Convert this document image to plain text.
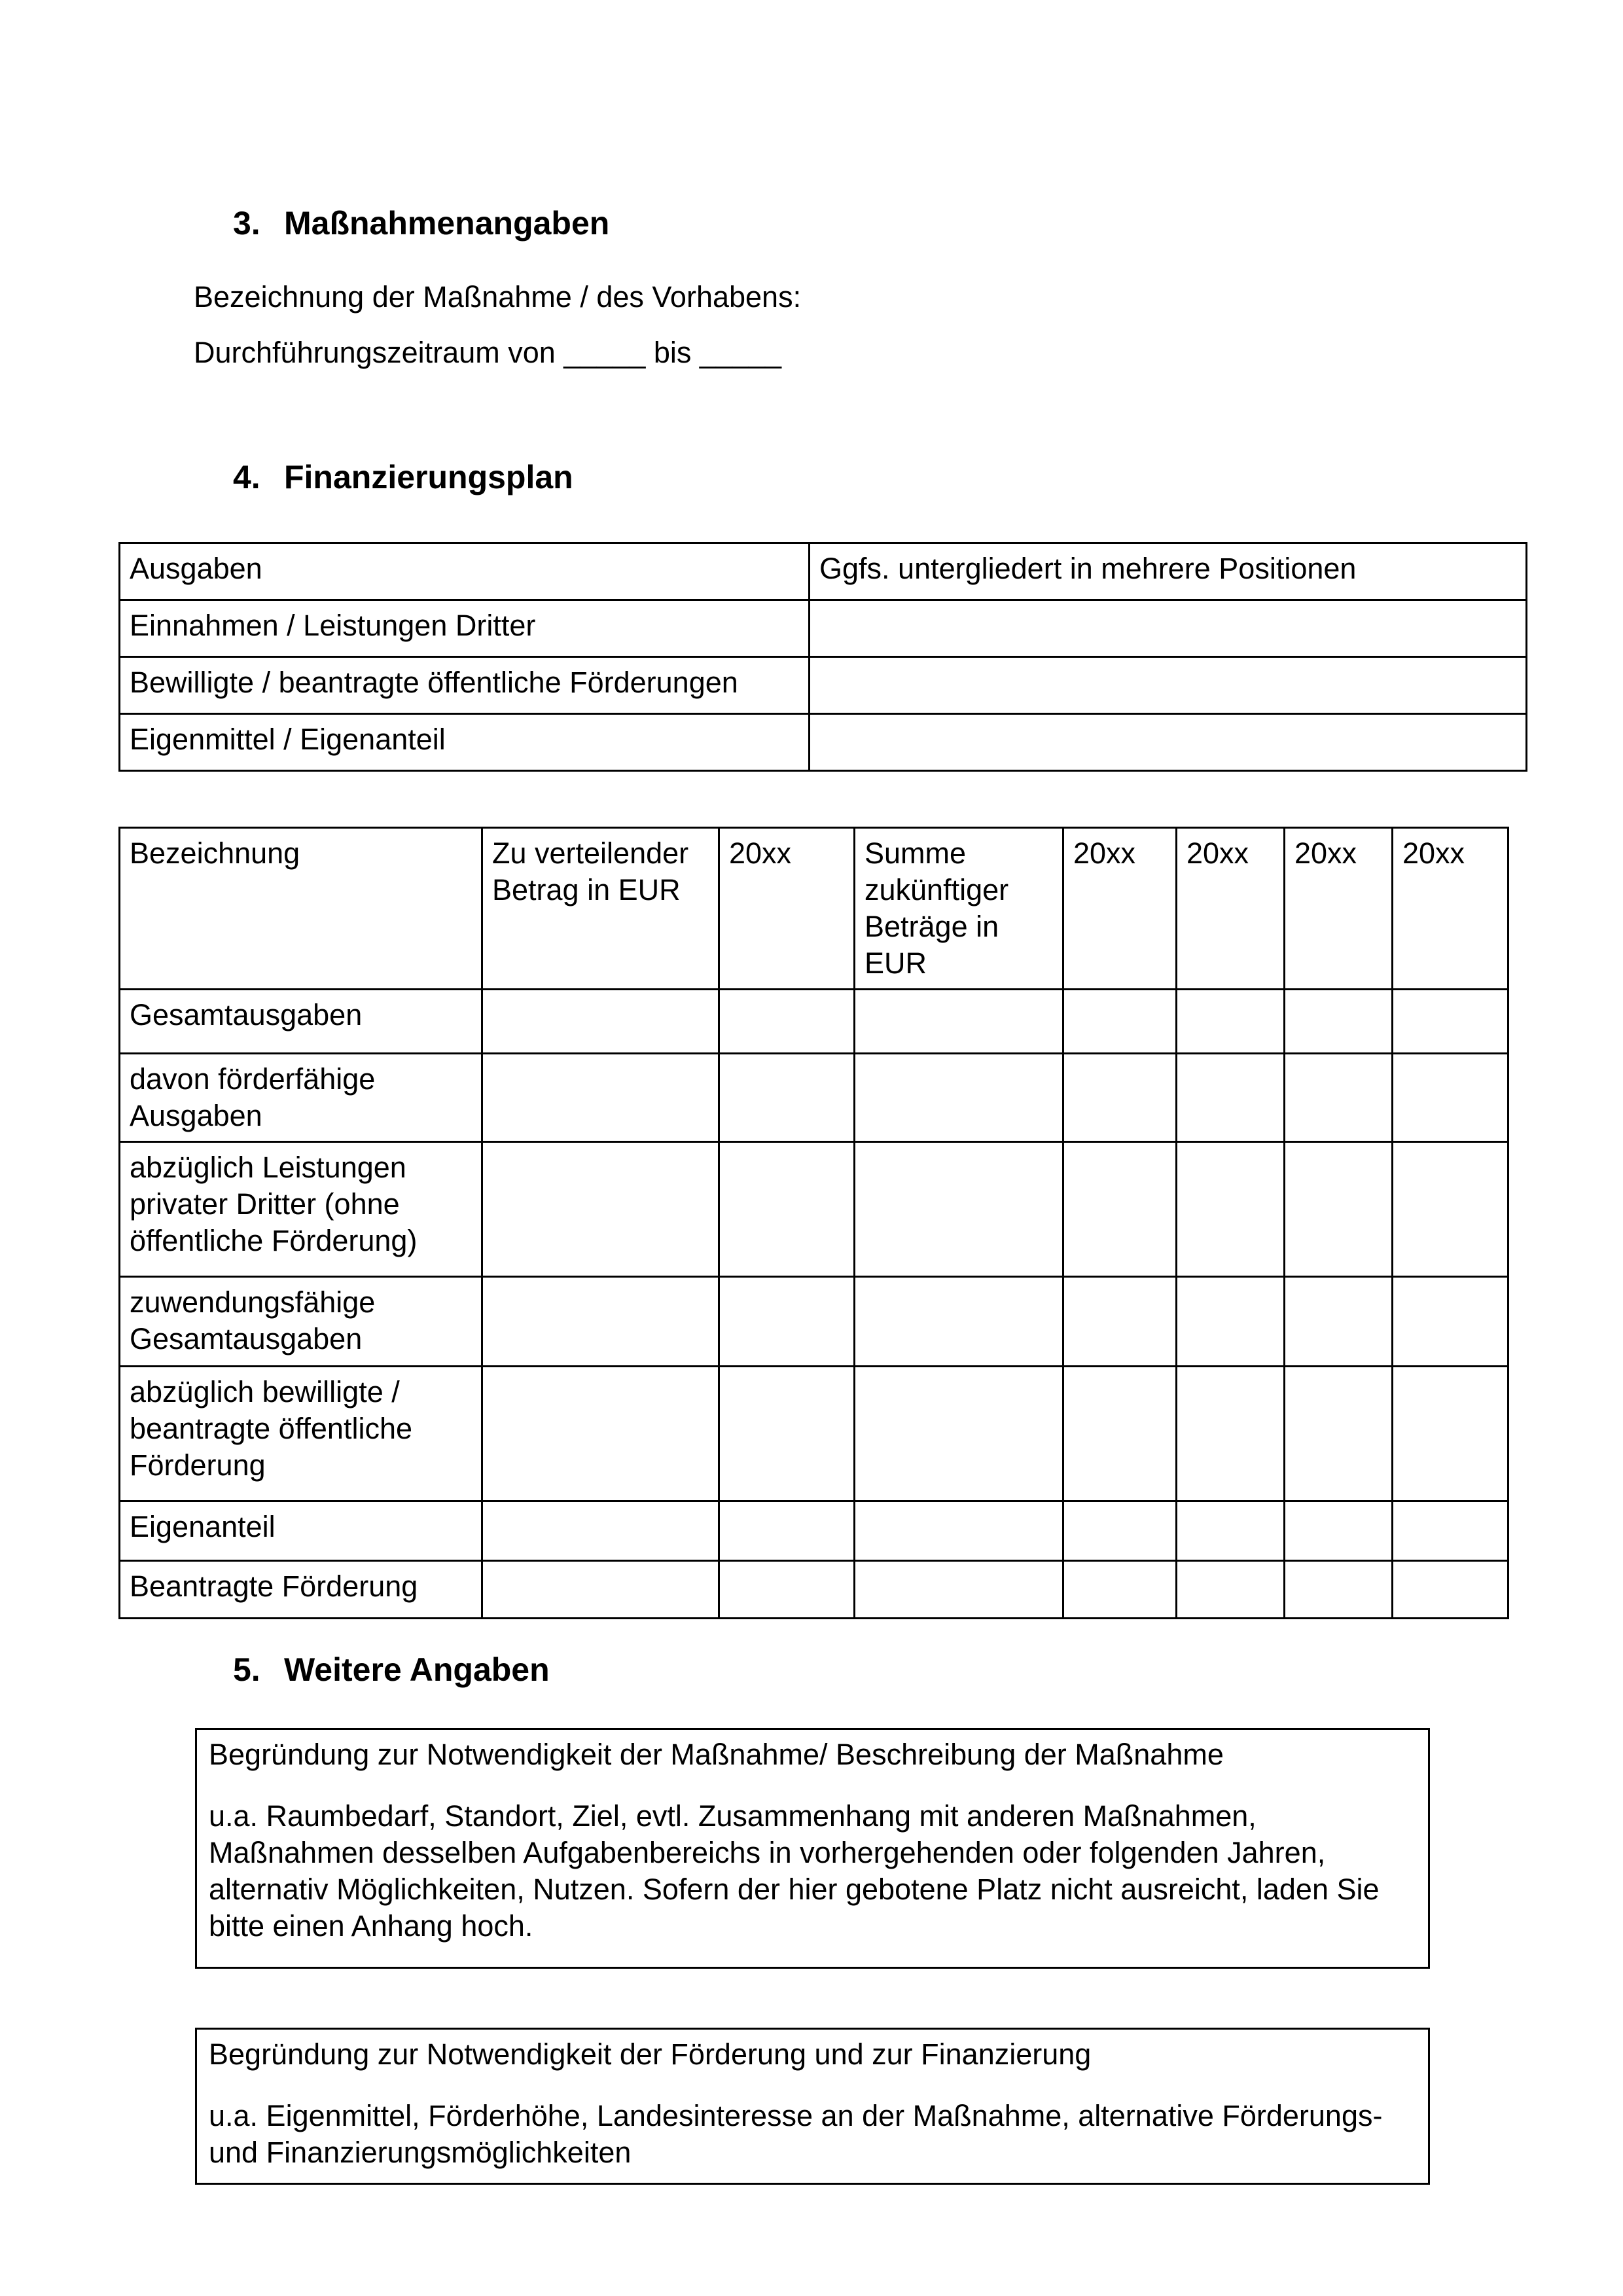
3. Maßnahmenangaben
Bezeichnung der Maßnahme / des Vorhabens:
Durchführungszeitraum von _____ bis _____
4. Finanzierungsplan
Ausgaben	Ggfs. untergliedert in mehrere Positionen
Einnahmen / Leistungen Dritter	
Bewilligte / beantragte öffentliche Förderungen	
Eigenmittel / Eigenanteil	
Bezeichnung	Zu verteilender Betrag in EUR	20xx	Summe zukünftiger Beträge in EUR	20xx	20xx	20xx	20xx
Gesamtausgaben							
davon förderfähige Ausgaben							
abzüglich Leistungen privater Dritter (ohne öffentliche Förderung)							
zuwendungsfähige Gesamtausgaben							
abzüglich bewilligte / beantragte öffentliche Förderung							
Eigenanteil							
Beantragte Förderung							
5. Weitere Angaben
Begründung zur Notwendigkeit der Maßnahme/ Beschreibung der Maßnahme
u.a. Raumbedarf, Standort, Ziel, evtl. Zusammenhang mit anderen Maßnahmen,
Maßnahmen desselben Aufgabenbereichs in vorhergehenden oder folgenden Jahren,
alternativ Möglichkeiten, Nutzen. Sofern der hier gebotene Platz nicht ausreicht, laden Sie
bitte einen Anhang hoch.
Begründung zur Notwendigkeit der Förderung und zur Finanzierung
u.a. Eigenmittel, Förderhöhe, Landesinteresse an der Maßnahme, alternative Förderungs-
und Finanzierungsmöglichkeiten
